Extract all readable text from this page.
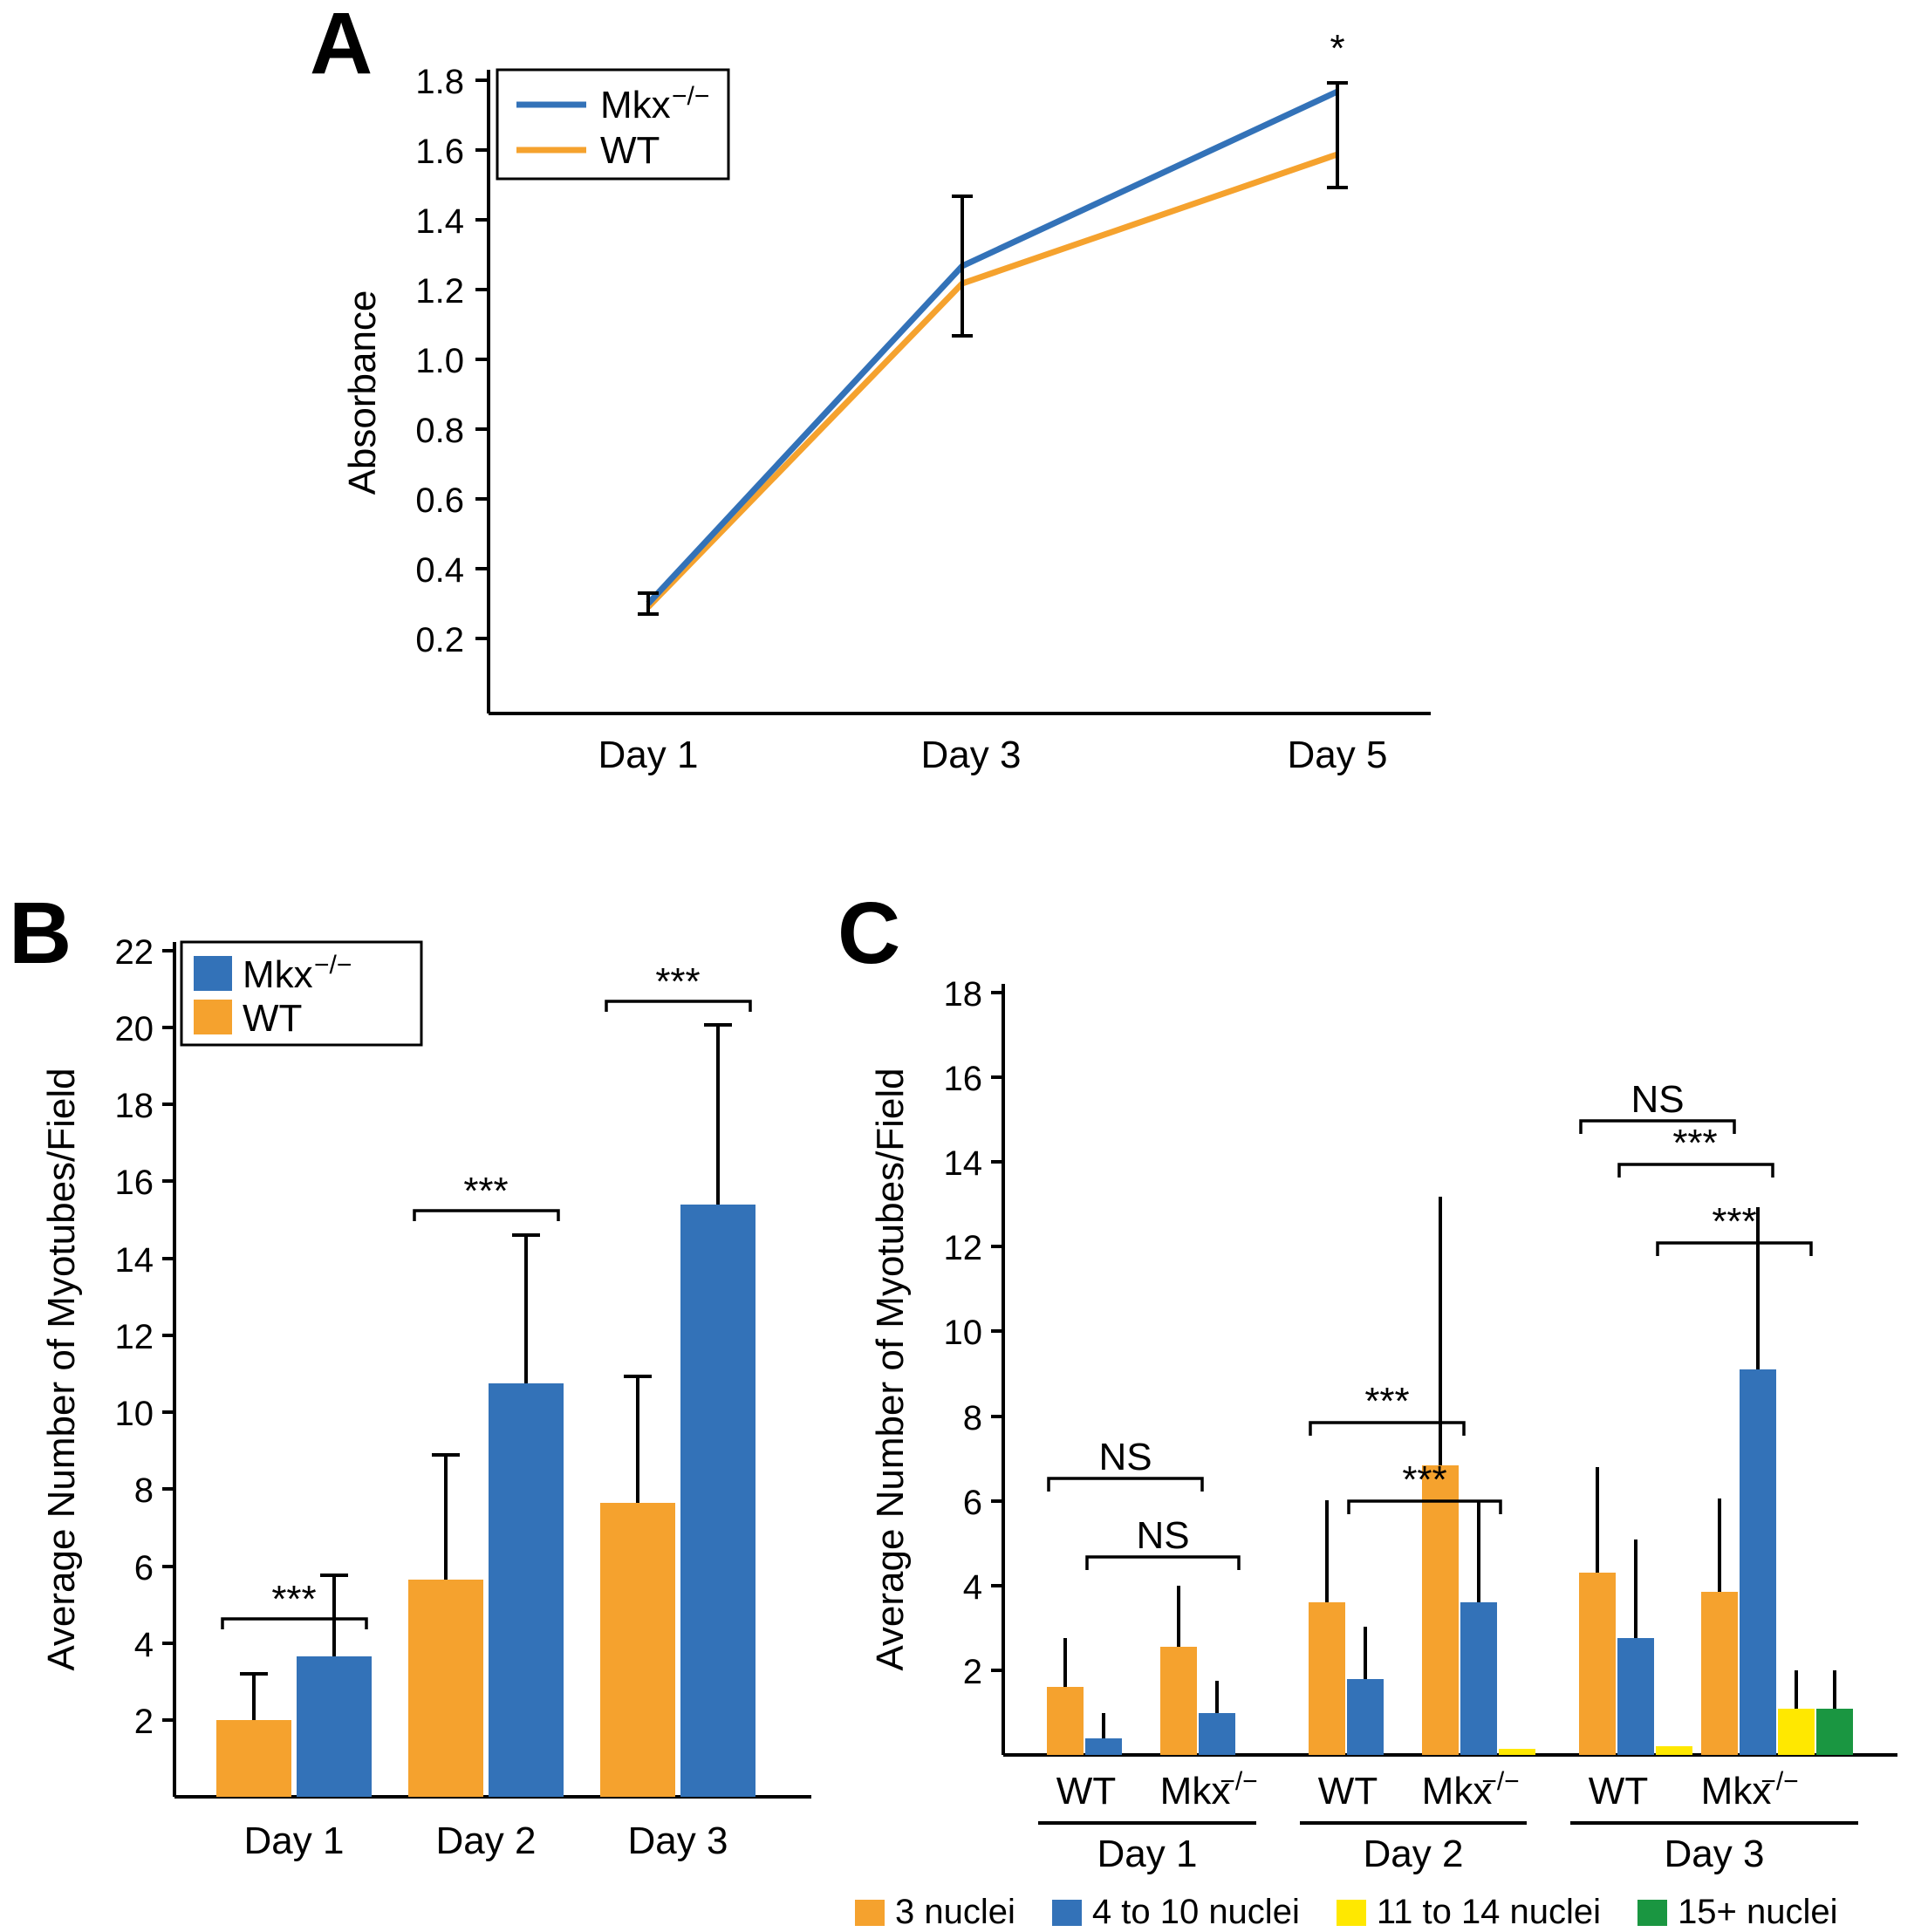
A 1.8
1.6
1.4
1.2
1.0
0.8
0.6
0.4
0.2
Absorbance
*
Day 1	Day 3	Day 5
Mkx −/−
WT
B 22
20
18
16
14
12
10
8
6
4
2
Average Number of Myotubes/Field	***
***
***
Day 1 Day 2 Day 3
Mkx −/−
WT
C
18
16
14
12
10
8
6
4
2
Average Number of Myotubes/Field	NS
NS
***
***
NS
***
***
WT Mkx
−/− WT Mkx
−/− WT Mkx
−/−
Day 1	Day 2	Day 3
3 nuclei 4 to 10 nuclei 11 to 14 nuclei 15+ nuclei
